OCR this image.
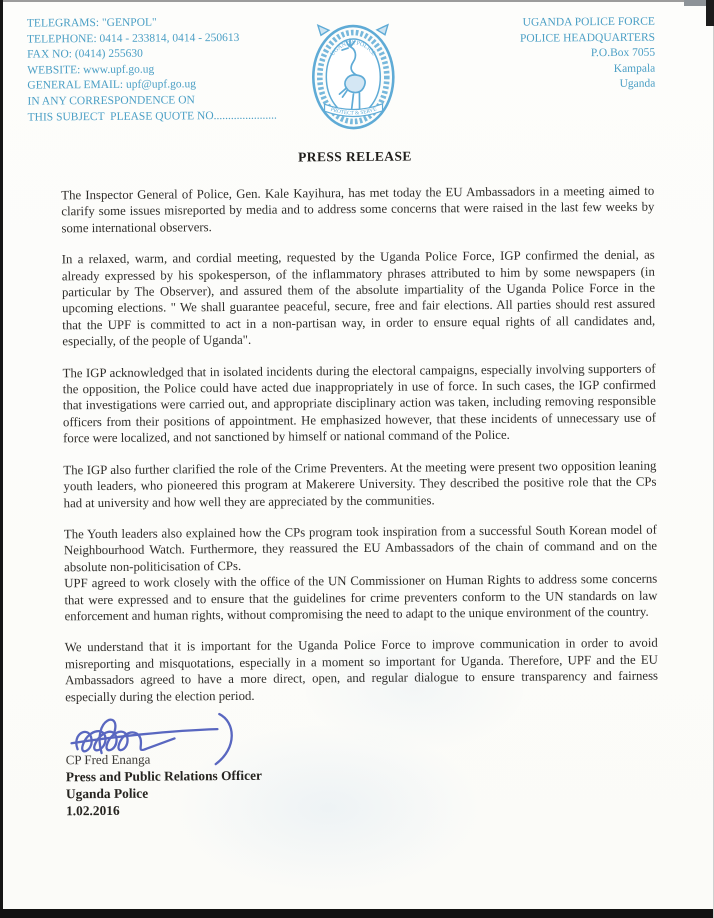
TELEGRAMS: "GENPOL"
TELEPHONE: 0414 - 233814, 0414 - 250613
FAX NO: (0414) 255630
WEBSITE: www.upf.go.ug
GENERAL EMAIL: upf@upf.go.ug
IN ANY CORRESPONDENCE ON
THIS SUBJECT  PLEASE QUOTE NO......................
UGANDA POLICE
PROTECT & SERVE
UGANDA POLICE FORCE
POLICE HEADQUARTERS
P.O.Box 7055
Kampala
Uganda
PRESS RELEASE

The Inspector General of Police, Gen. Kale Kayihura, has met today the EU Ambassadors in a meeting aimed to clarify some issues misreported by media and to address some concerns that were raised in the last few weeks by some international observers.

In a relaxed, warm, and cordial meeting, requested by the Uganda Police Force, IGP confirmed the denial, as already expressed by his spokesperson, of the inflammatory phrases attributed to him by some newspapers (in particular by The Observer), and assured them of the absolute impartiality of the Uganda Police Force in the upcoming elections. " We shall guarantee peaceful, secure, free and fair elections. All parties should rest assured that the UPF is committed to act in a non-partisan way, in order to ensure equal rights of all candidates and, especially, of the people of Uganda".

The IGP acknowledged that in isolated incidents during the electoral campaigns, especially involving supporters of the opposition, the Police could have acted due inappropriately in use of force. In such cases, the IGP confirmed that investigations were carried out, and appropriate disciplinary action was taken, including removing responsible officers from their positions of appointment. He emphasized however, that these incidents of unnecessary use of force were localized, and not sanctioned by himself or national command of the Police.

The IGP also further clarified the role of the Crime Preventers. At the meeting were present two opposition leaning youth leaders, who pioneered this program at Makerere University. They described the positive role that the CPs had at university and how well they are appreciated by the communities.

The Youth leaders also explained how the CPs program took inspiration from a successful South Korean model of Neighbourhood Watch. Furthermore, they reassured the EU Ambassadors of the chain of command and on the absolute non-politicisation of CPs.

UPF agreed to work closely with the office of the UN Commissioner on Human Rights to address some concerns that were expressed and to ensure that the guidelines for crime preventers conform to the UN standards on law enforcement and human rights, without compromising the need to adapt to the unique environment of the country.

We understand that it is important for the Uganda Police Force to improve communication in order to avoid misreporting and misquotations, especially in a moment so important for Uganda. Therefore, UPF and the EU Ambassadors agreed to have a more direct, open, and regular dialogue to ensure transparency and fairness especially during the election period.

CP Fred Enanga
Press and Public Relations Officer
Uganda Police
1.02.2016
